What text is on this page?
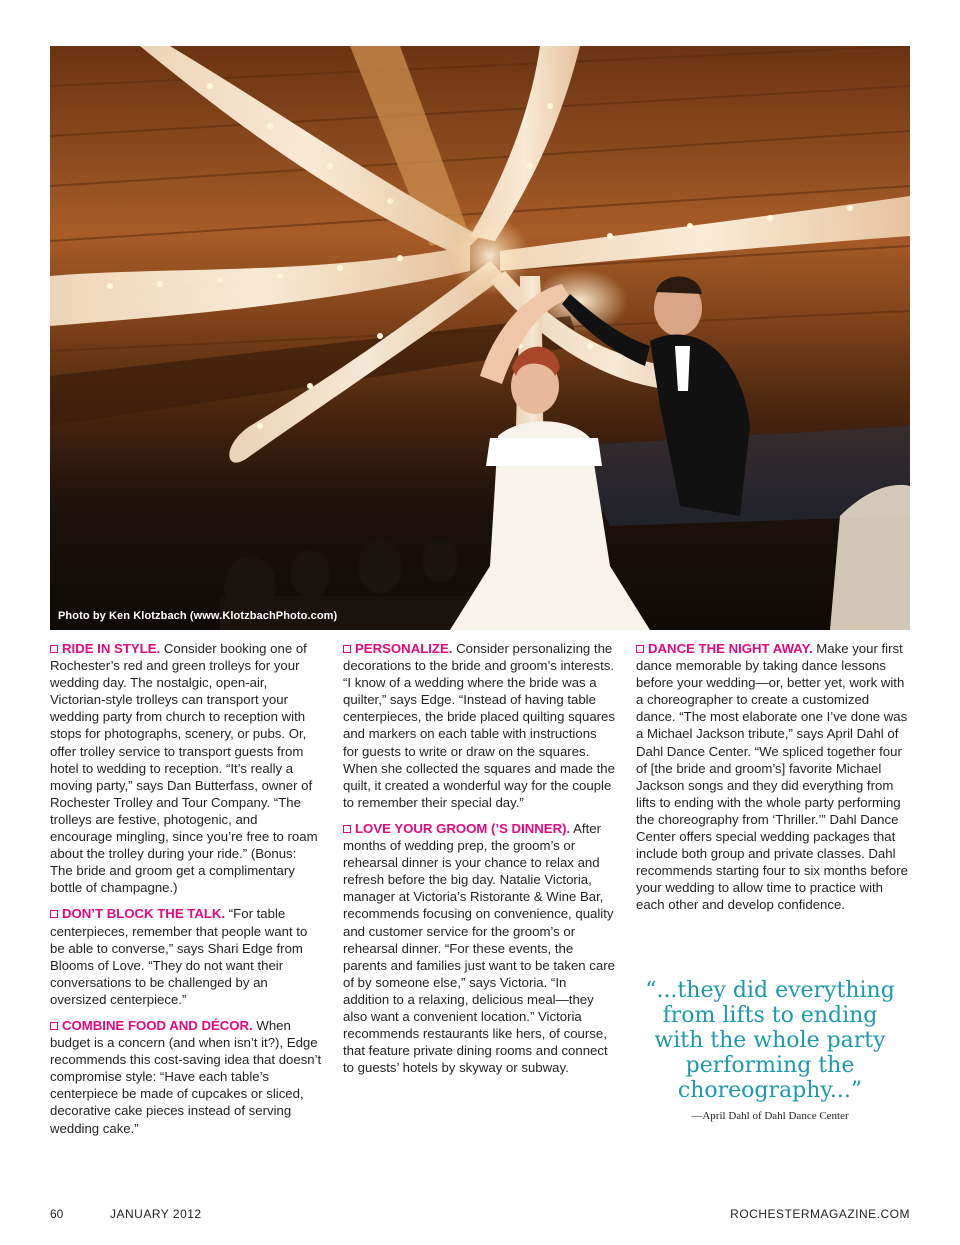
Photo by Ken Klotzbach (www.KlotzbachPhoto.com)

RIDE IN STYLE. Consider booking one of Rochester’s red and green trolleys for your wedding day. The nostalgic, open-air, Victorian-style trolleys can transport your wedding party from church to reception with stops for photographs, scenery, or pubs. Or, offer trolley service to transport guests from hotel to wedding to reception. “It’s really a moving party,” says Dan Butterfass, owner of Rochester Trolley and Tour Company. “The trolleys are festive, photogenic, and encourage mingling, since you’re free to roam about the trolley during your ride.” (Bonus: The bride and groom get a complimentary bottle of champagne.)

DON’T BLOCK THE TALK. “For table centerpieces, remember that people want to be able to converse,” says Shari Edge from Blooms of Love. “They do not want their conversations to be challenged by an oversized centerpiece.”

COMBINE FOOD AND DÉCOR. When budget is a concern (and when isn’t it?), Edge recommends this cost-saving idea that doesn’t compromise style: “Have each table’s centerpiece be made of cupcakes or sliced, decorative cake pieces instead of serving wedding cake.”

PERSONALIZE. Consider personalizing the decorations to the bride and groom’s interests. “I know of a wedding where the bride was a quilter,” says Edge. “Instead of having table centerpieces, the bride placed quilting squares and markers on each table with instructions for guests to write or draw on the squares. When she collected the squares and made the quilt, it created a wonderful way for the couple to remember their special day.”

LOVE YOUR GROOM (’S DINNER). After months of wedding prep, the groom’s or rehearsal dinner is your chance to relax and refresh before the big day. Natalie Victoria, manager at Victoria’s Ristorante & Wine Bar, recommends focusing on convenience, quality and customer service for the groom’s or rehearsal dinner. “For these events, the parents and families just want to be taken care of by someone else,” says Victoria. “In addition to a relaxing, delicious meal—they also want a convenient location.” Victoria recommends restaurants like hers, of course, that feature private dining rooms and connect to guests’ hotels by skyway or subway.

DANCE THE NIGHT AWAY. Make your first dance memorable by taking dance lessons before your wedding—or, better yet, work with a choreographer to create a customized dance. “The most elaborate one I’ve done was a Michael Jackson tribute,” says April Dahl of Dahl Dance Center. “We spliced together four of [the bride and groom’s] favorite Michael Jackson songs and they did everything from lifts to ending with the whole party performing the choreography from ‘Thriller.’” Dahl Dance Center offers special wedding packages that include both group and private classes. Dahl recommends starting four to six months before your wedding to allow time to practice with each other and develop confidence.

“...they did everything from lifts to ending with the whole party performing the choreography...”
—April Dahl of Dahl Dance Center
60	JANUARY 2012	ROCHESTERMAGAZINE.COM
